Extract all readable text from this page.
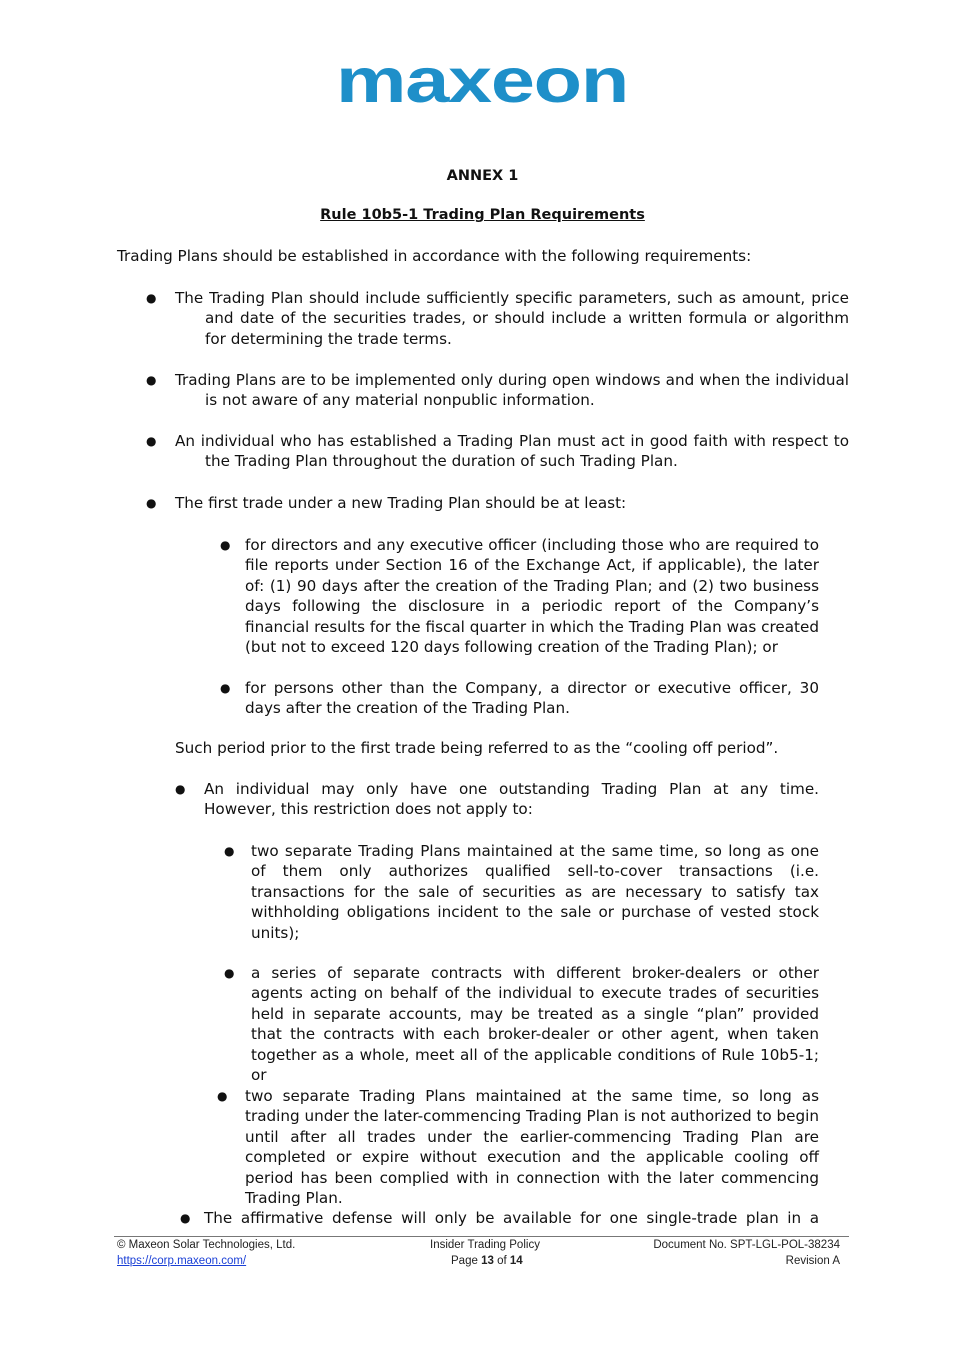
maxeon
ANNEX 1
Rule 10b5-1 Trading Plan Requirements
Trading Plans should be established in accordance with the following requirements:
● The Trading Plan should include sufficiently specific parameters, such as amount, price and date of the securities trades, or should include a written formula or algorithm for determining the trade terms.
● Trading Plans are to be implemented only during open windows and when the individual is not aware of any material nonpublic information.
● An individual who has established a Trading Plan must act in good faith with respect to the Trading Plan throughout the duration of such Trading Plan.
● The first trade under a new Trading Plan should be at least:
● for directors and any executive officer (including those who are required to file reports under Section 16 of the Exchange Act, if applicable), the later of: (1) 90 days after the creation of the Trading Plan; and (2) two business days following the disclosure in a periodic report of the Company’s financial results for the fiscal quarter in which the Trading Plan was created (but not to exceed 120 days following creation of the Trading Plan); or
● for persons other than the Company, a director or executive officer, 30 days after the creation of the Trading Plan.
Such period prior to the first trade being referred to as the “cooling off period”.
● An individual may only have one outstanding Trading Plan at any time. However, this restriction does not apply to:
● two separate Trading Plans maintained at the same time, so long as one of them only authorizes qualified sell-to-cover transactions (i.e. transactions for the sale of securities as are necessary to satisfy tax withholding obligations incident to the sale or purchase of vested stock units);
● a series of separate contracts with different broker-dealers or other agents acting on behalf of the individual to execute trades of securities held in separate accounts, may be treated as a single “plan” provided that the contracts with each broker-dealer or other agent, when taken together as a whole, meet all of the applicable conditions of Rule 10b5-1; or
● two separate Trading Plans maintained at the same time, so long as trading under the later-commencing Trading Plan is not authorized to begin until after all trades under the earlier-commencing Trading Plan are completed or expire without execution and the applicable cooling off period has been complied with in connection with the later commencing Trading Plan.
● The affirmative defense will only be available for one single-trade plan in a
© Maxeon Solar Technologies, Ltd.
https://corp.maxeon.com/
Insider Trading Policy
Page 13 of 14
Document No. SPT-LGL-POL-38234
Revision A
